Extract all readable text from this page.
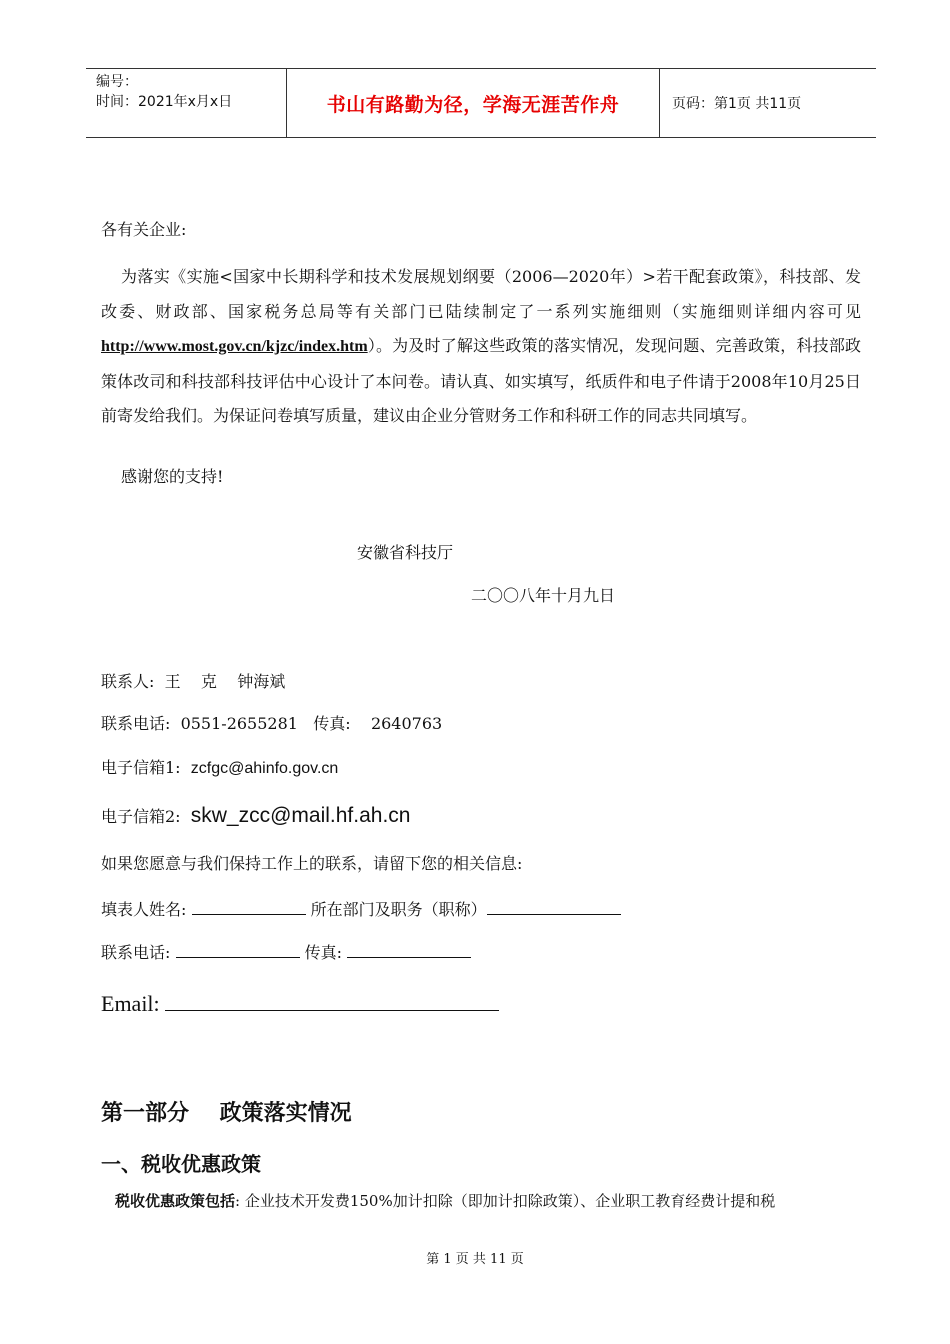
编号：
时间：2021年x月x日	书山有路勤为径，学海无涯苦作舟	页码：第1页 共11页
各有关企业:
为落实《实施<国家中长期科学和技术发展规划纲要（2006—2020年）>若干配套政策》，科技部、发改委、财政部、国家税务总局等有关部门已陆续制定了一系列实施细则（实施细则详细内容可见http://www.most.gov.cn/kjzc/index.htm）。为及时了解这些政策的落实情况，发现问题、完善政策，科技部政策体改司和科技部科技评估中心设计了本问卷。请认真、如实填写，纸质件和电子件请于2008年10月25日前寄发给我们。为保证问卷填写质量，建议由企业分管财务工作和科研工作的同志共同填写。
感谢您的支持!
安徽省科技厅
二〇〇八年十月九日
联系人:  王    克    钟海斌
联系电话:  0551-2655281   传真:    2640763
电子信箱1: zcfgc@ahinfo.gov.cn
电子信箱2: skw_zcc@mail.hf.ah.cn
如果您愿意与我们保持工作上的联系，请留下您的相关信息:
填表人姓名:	所在部门及职务（职称）
联系电话:	传真:
Email:
第一部分    政策落实情况
一、税收优惠政策
税收优惠政策包括: 企业技术开发费150%加计扣除（即加计扣除政策）、企业职工教育经费计提和税
第 1 页 共 11 页
